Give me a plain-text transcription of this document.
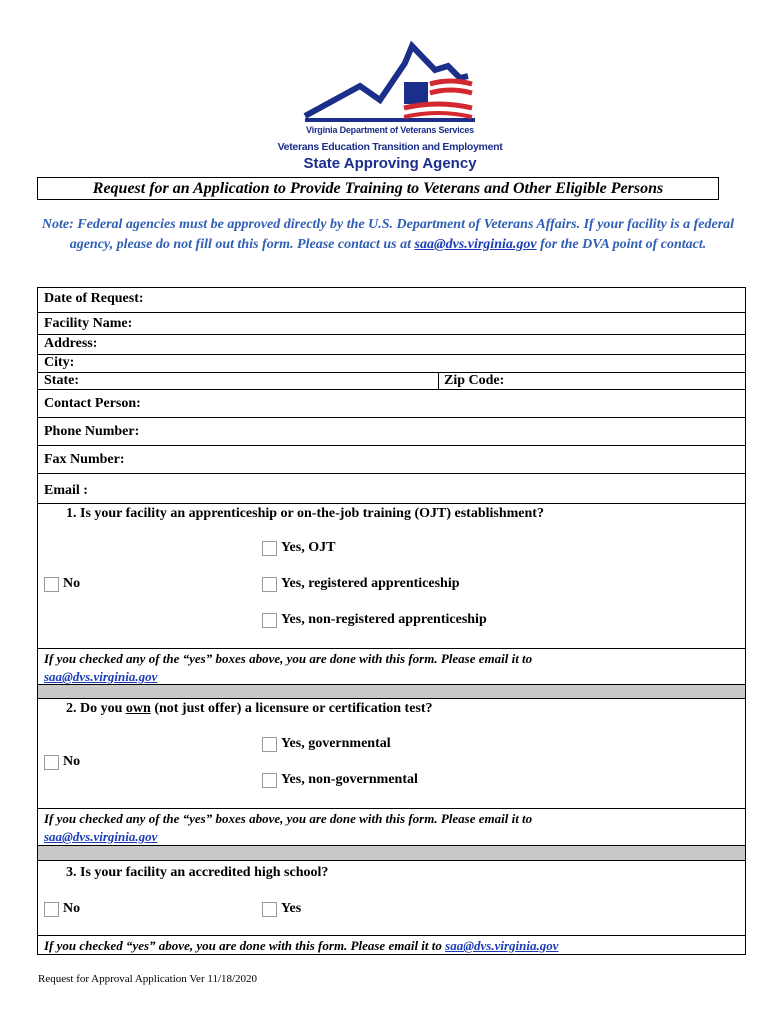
Virginia Department of Veterans Services
Veterans Education Transition and Employment
State Approving Agency
Request for an Application to Provide Training to Veterans and Other Eligible Persons
Note: Federal agencies must be approved directly by the U.S. Department of Veterans Affairs. If your facility is a federal agency, please do not fill out this form. Please contact us at saa@dvs.virginia.gov for the DVA point of contact.
Date of Request:
Facility Name:
Address:
City:
State:	Zip Code:
Contact Person:
Phone Number:
Fax Number:
Email :
1. Is your facility an apprenticeship or on-the-job training (OJT) establishment?
Yes, OJT
No	Yes, registered apprenticeship
Yes, non-registered apprenticeship
If you checked any of the “yes” boxes above, you are done with this form. Please email it to
saa@dvs.virginia.gov
2. Do you own (not just offer) a licensure or certification test?
Yes, governmental
No
Yes, non-governmental
If you checked any of the “yes” boxes above, you are done with this form. Please email it to
saa@dvs.virginia.gov
3. Is your facility an accredited high school?
No	Yes
If you checked “yes” above, you are done with this form. Please email it to saa@dvs.virginia.gov
Request for Approval Application Ver 11/18/2020
